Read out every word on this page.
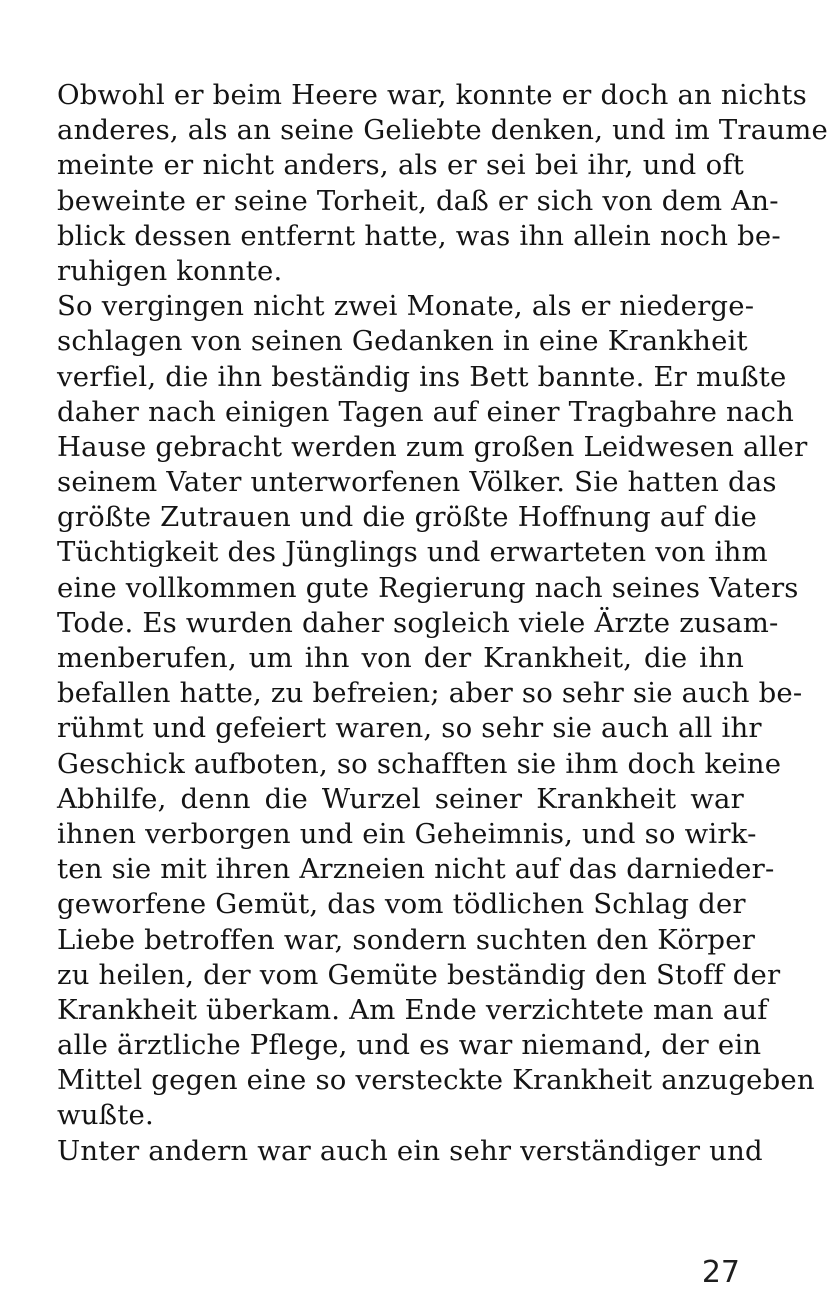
Obwohl er beim Heere war, konnte er doch an nichts
anderes, als an seine Geliebte denken, und im Traume
meinte er nicht anders, als er sei bei ihr, und oft
beweinte er seine Torheit, daß er sich von dem An-
blick dessen entfernt hatte, was ihn allein noch be-
ruhigen konnte.
So vergingen nicht zwei Monate, als er niederge-
schlagen von seinen Gedanken in eine Krankheit
verfiel, die ihn beständig ins Bett bannte. Er mußte
daher nach einigen Tagen auf einer Tragbahre nach
Hause gebracht werden zum großen Leidwesen aller
seinem Vater unterworfenen Völker. Sie hatten das
größte Zutrauen und die größte Hoffnung auf die
Tüchtigkeit des Jünglings und erwarteten von ihm
eine vollkommen gute Regierung nach seines Vaters
Tode. Es wurden daher sogleich viele Ärzte zusam-
menberufen, um ihn von der Krankheit, die ihn
befallen hatte, zu befreien; aber so sehr sie auch be-
rühmt und gefeiert waren, so sehr sie auch all ihr
Geschick aufboten, so schafften sie ihm doch keine
Abhilfe, denn die Wurzel seiner Krankheit war
ihnen verborgen und ein Geheimnis, und so wirk-
ten sie mit ihren Arzneien nicht auf das darnieder-
geworfene Gemüt, das vom tödlichen Schlag der
Liebe betroffen war, sondern suchten den Körper
zu heilen, der vom Gemüte beständig den Stoff der
Krankheit überkam. Am Ende verzichtete man auf
alle ärztliche Pflege, und es war niemand, der ein
Mittel gegen eine so versteckte Krankheit anzugeben
wußte.
Unter andern war auch ein sehr verständiger und
27
